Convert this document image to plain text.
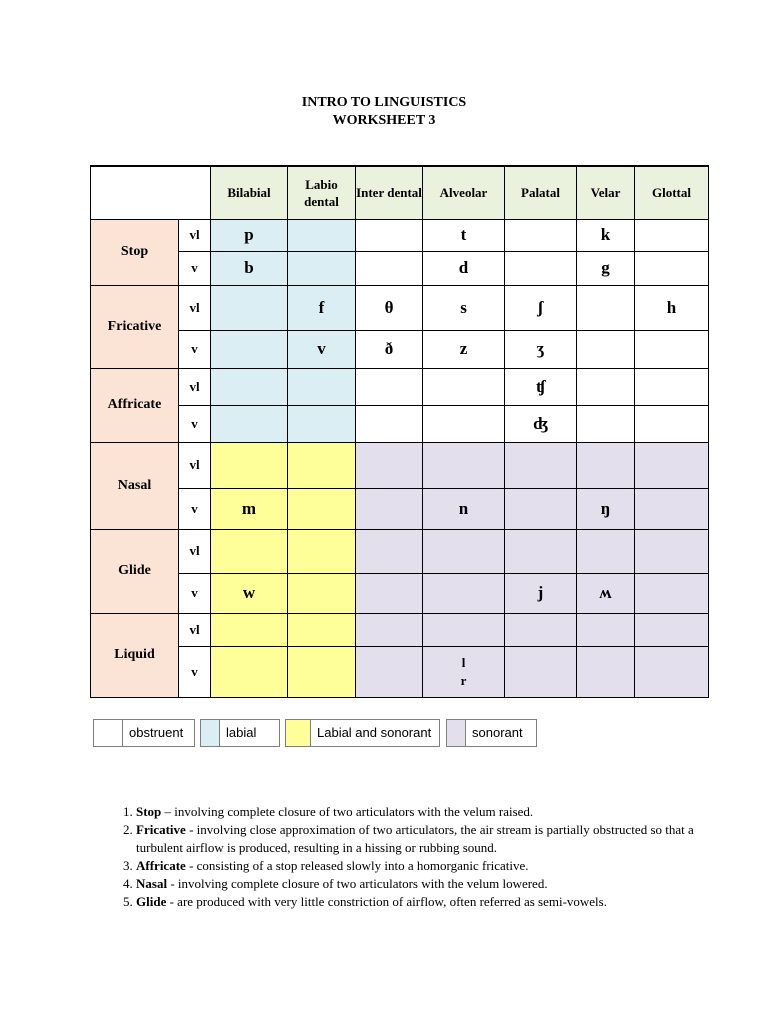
INTRO TO LINGUISTICS
WORKSHEET 3
		Bilabial	Labio dental	Inter dental	Alveolar	Palatal	Velar	Glottal
Stop	vl	p			t		k	
	v	b			d		g	
Fricative	vl		f	θ	s	ʃ		h
	v		v	ð	z	ʒ		
Affricate	vl					ʧ		
	v					ʤ		
Nasal	vl							
	v	m			n		ŋ	
Glide	vl							
	v	w				j	ʍ	
Liquid	vl							
	v				l
r			

obstruent	labial	Labial and sonorant	sonorant
1. Stop – involving complete closure of two articulators with the velum raised.
2. Fricative - involving close approximation of two articulators, the air stream is partially obstructed so that a turbulent airflow is produced, resulting in a hissing or rubbing sound.
3. Affricate - consisting of a stop released slowly into a homorganic fricative.
4. Nasal - involving complete closure of two articulators with the velum lowered.
5. Glide - are produced with very little constriction of airflow, often referred as semi-vowels.
